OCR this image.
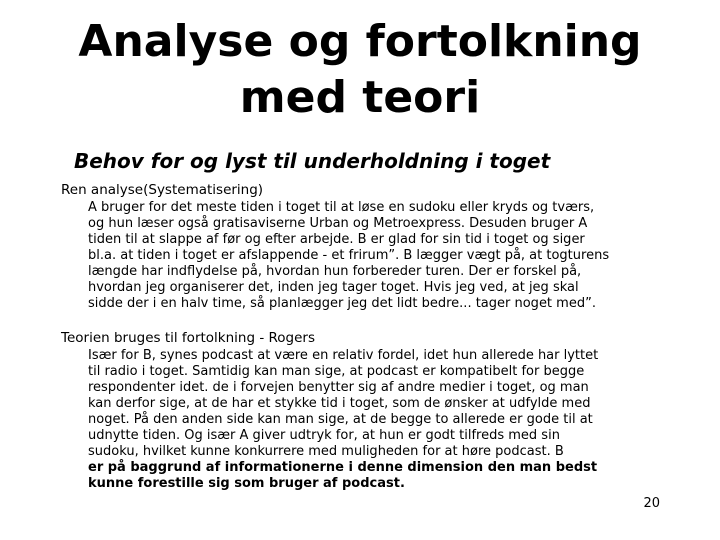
Analyse og fortolkning
med teori
Behov for og lyst til underholdning i toget

Ren analyse(Systematisering)

A bruger for det meste tiden i toget til at løse en sudoku eller kryds og tværs,
og hun læser også gratisaviserne Urban og Metroexpress. Desuden bruger A
tiden til at slappe af før og efter arbejde. B er glad for sin tid i toget og siger
bl.a. at tiden i toget er afslappende - et frirum”. B lægger vægt på, at togturens
længde har indflydelse på, hvordan hun forbereder turen. Der er forskel på,
hvordan jeg organiserer det, inden jeg tager toget. Hvis jeg ved, at jeg skal
sidde der i en halv time, så planlægger jeg det lidt bedre... tager noget med”.

Teorien bruges til fortolkning - Rogers

Især for B, synes podcast at være en relativ fordel, idet hun allerede har lyttet
til radio i toget. Samtidig kan man sige, at podcast er kompatibelt for begge
respondenter idet. de i forvejen benytter sig af andre medier i toget, og man
kan derfor sige, at de har et stykke tid i toget, som de ønsker at udfylde med
noget. På den anden side kan man sige, at de begge to allerede er gode til at
udnytte tiden. Og især A giver udtryk for, at hun er godt tilfreds med sin
sudoku, hvilket kunne konkurrere med muligheden for at høre podcast. B
er på baggrund af informationerne i denne dimension den man bedst
kunne forestille sig som bruger af podcast.
20
